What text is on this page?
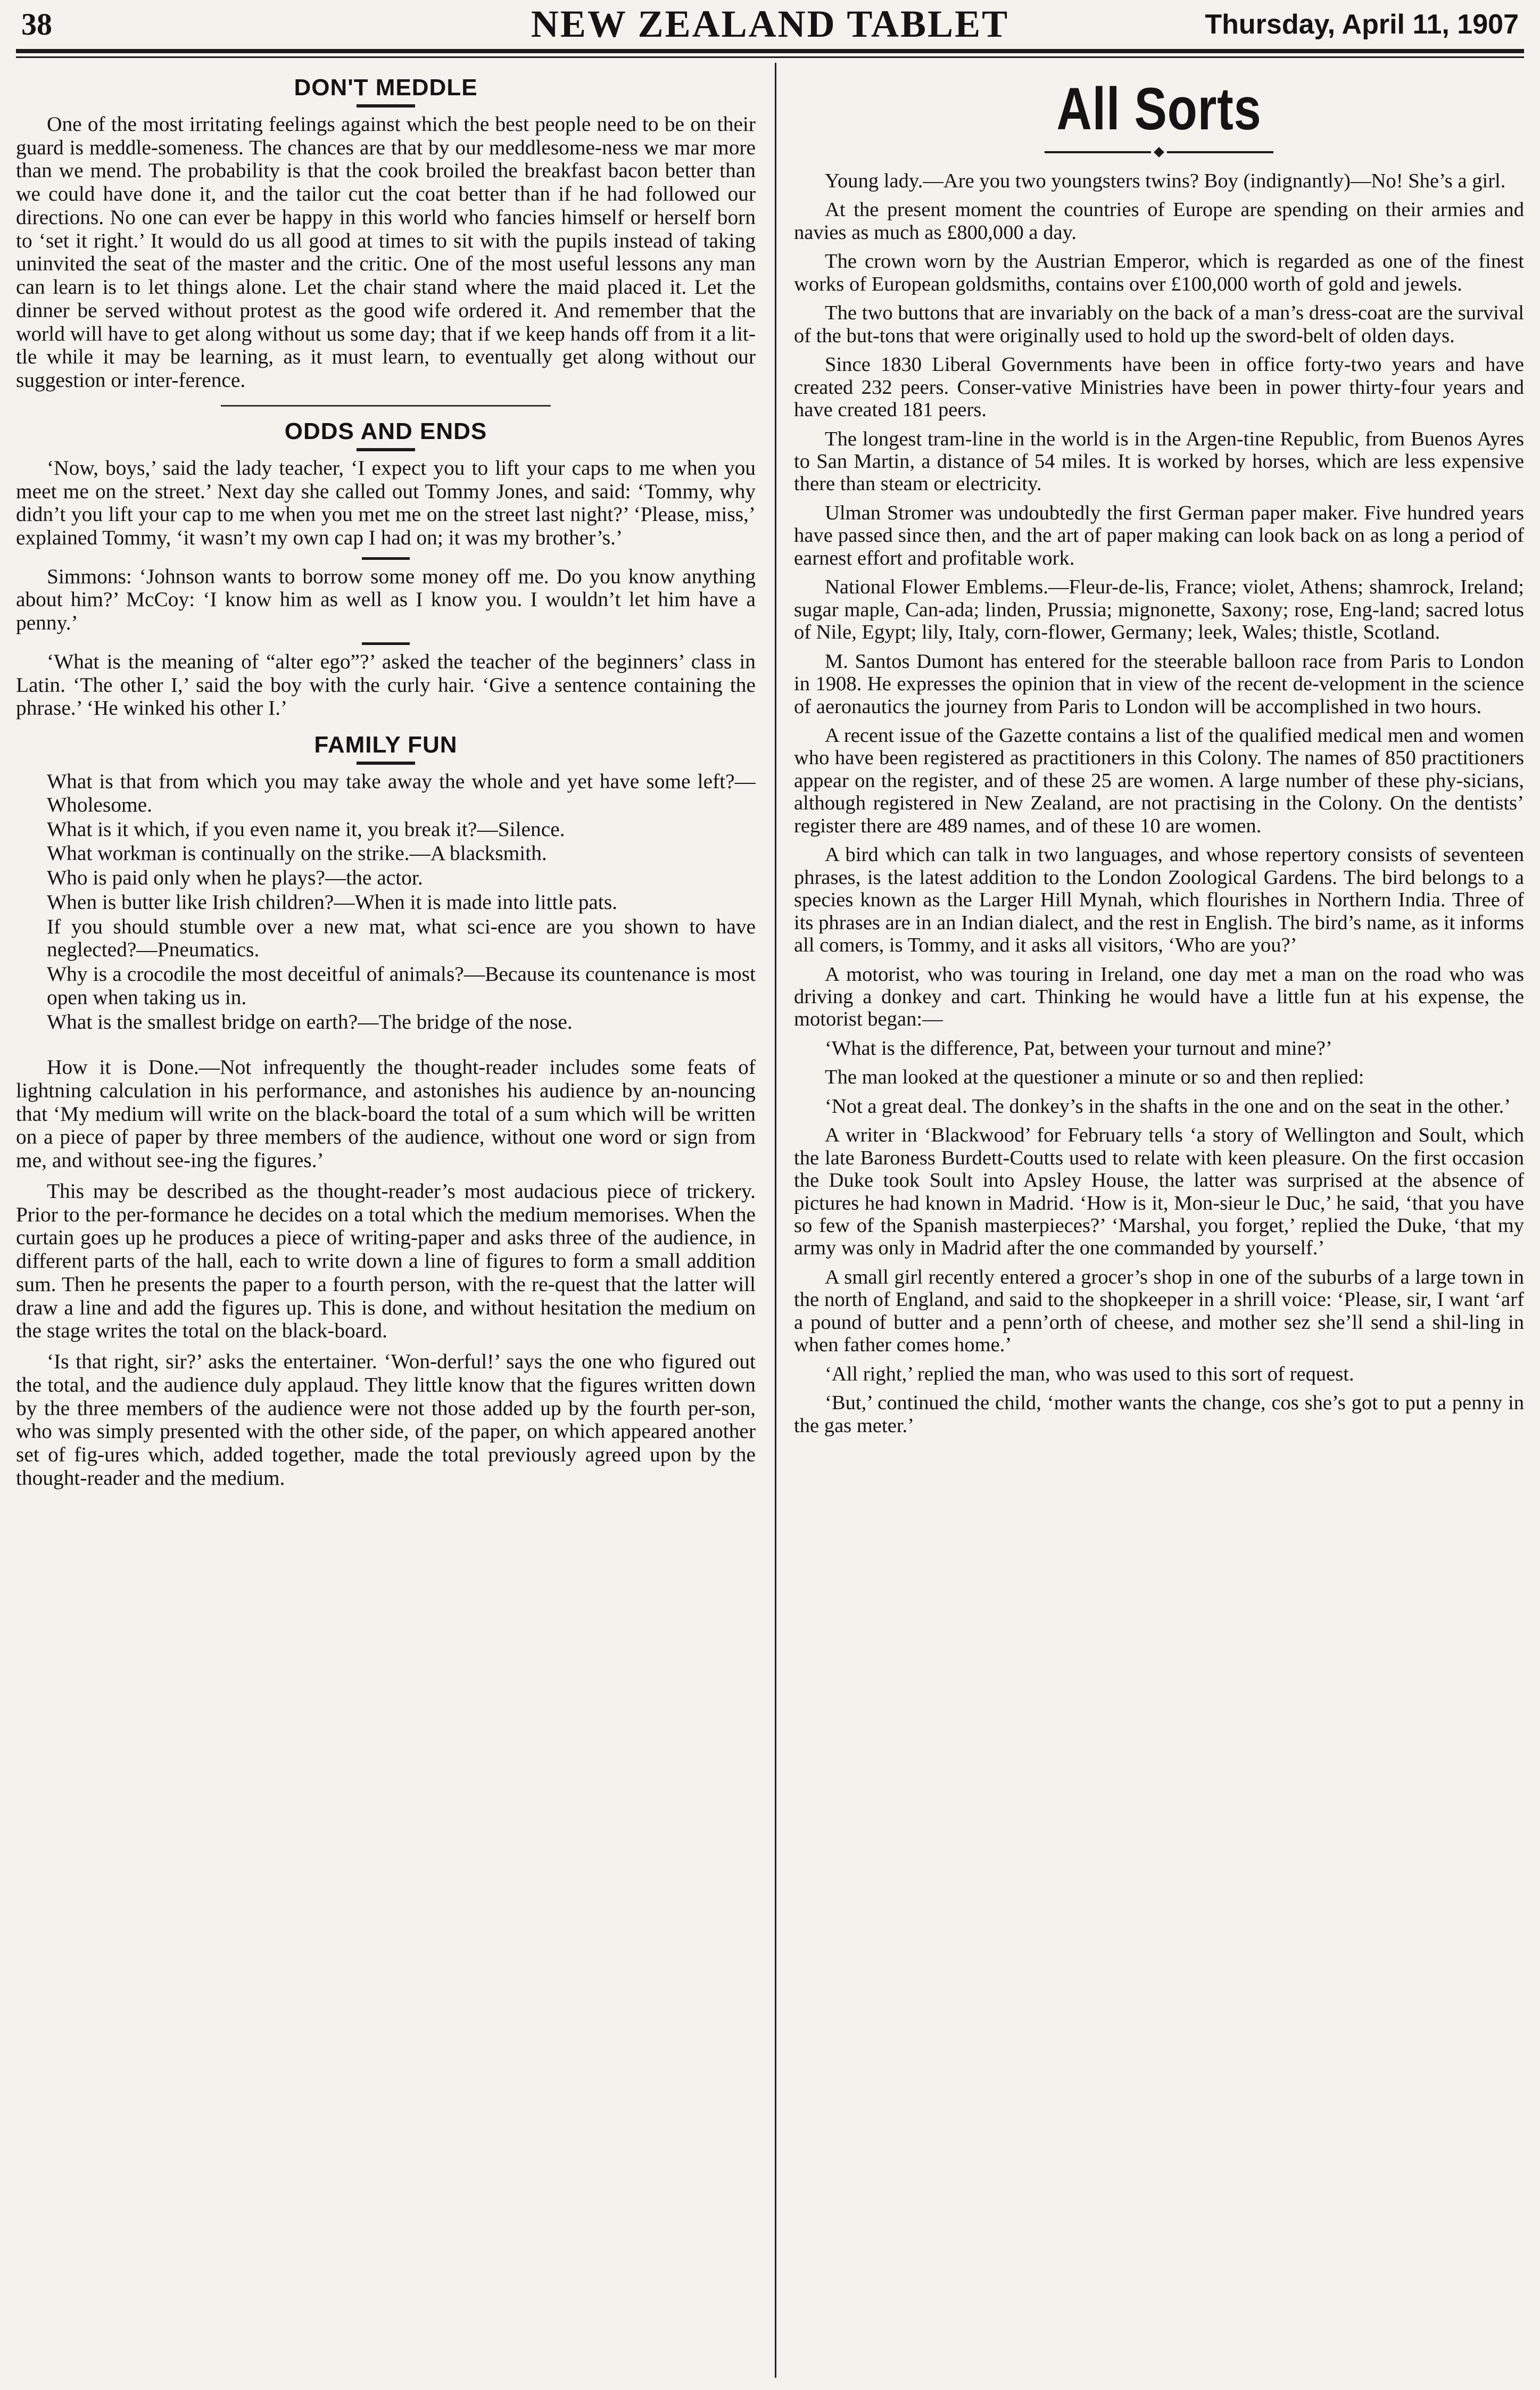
38	NEW ZEALAND TABLET	Thursday, April 11, 1907
DON'T MEDDLE

One of the most irritating feelings against which the best people need to be on their guard is meddle-someness. The chances are that by our meddlesome-ness we mar more than we mend. The probability is that the cook broiled the breakfast bacon better than we could have done it, and the tailor cut the coat better than if he had followed our directions. No one can ever be happy in this world who fancies himself or herself born to ‘set it right.’ It would do us all good at times to sit with the pupils instead of taking uninvited the seat of the master and the critic. One of the most useful lessons any man can learn is to let things alone. Let the chair stand where the maid placed it. Let the dinner be served without protest as the good wife ordered it. And remember that the world will have to get along without us some day; that if we keep hands off from it a lit-tle while it may be learning, as it must learn, to eventually get along without our suggestion or inter-ference.

ODDS AND ENDS

‘Now, boys,’ said the lady teacher, ‘I expect you to lift your caps to me when you meet me on the street.’ Next day she called out Tommy Jones, and said: ‘Tommy, why didn’t you lift your cap to me when you met me on the street last night?’ ‘Please, miss,’ explained Tommy, ‘it wasn’t my own cap I had on; it was my brother’s.’

Simmons: ‘Johnson wants to borrow some money off me. Do you know anything about him?’ McCoy: ‘I know him as well as I know you. I wouldn’t let him have a penny.’

‘What is the meaning of “alter ego”?’ asked the teacher of the beginners’ class in Latin. ‘The other I,’ said the boy with the curly hair. ‘Give a sentence containing the phrase.’ ‘He winked his other I.’

FAMILY FUN

What is that from which you may take away the whole and yet have some left?—Wholesome.

What is it which, if you even name it, you break it?—Silence.

What workman is continually on the strike.—A blacksmith.

Who is paid only when he plays?—the actor.

When is butter like Irish children?—When it is made into little pats.

If you should stumble over a new mat, what sci-ence are you shown to have neglected?—Pneumatics.

Why is a crocodile the most deceitful of animals?—Because its countenance is most open when taking us in.

What is the smallest bridge on earth?—The bridge of the nose.

How it is Done.—Not infrequently the thought-reader includes some feats of lightning calculation in his performance, and astonishes his audience by an-nouncing that ‘My medium will write on the black-board the total of a sum which will be written on a piece of paper by three members of the audience, without one word or sign from me, and without see-ing the figures.’

This may be described as the thought-reader’s most audacious piece of trickery. Prior to the per-formance he decides on a total which the medium memorises. When the curtain goes up he produces a piece of writing-paper and asks three of the audience, in different parts of the hall, each to write down a line of figures to form a small addition sum. Then he presents the paper to a fourth person, with the re-quest that the latter will draw a line and add the figures up. This is done, and without hesitation the medium on the stage writes the total on the black-board.

‘Is that right, sir?’ asks the entertainer. ‘Won-derful!’ says the one who figured out the total, and the audience duly applaud. They little know that the figures written down by the three members of the audience were not those added up by the fourth per-son, who was simply presented with the other side, of the paper, on which appeared another set of fig-ures which, added together, made the total previously agreed upon by the thought-reader and the medium.

All Sorts

Young lady.—Are you two youngsters twins? Boy (indignantly)—No! She’s a girl.

At the present moment the countries of Europe are spending on their armies and navies as much as £800,000 a day.

The crown worn by the Austrian Emperor, which is regarded as one of the finest works of European goldsmiths, contains over £100,000 worth of gold and jewels.

The two buttons that are invariably on the back of a man’s dress-coat are the survival of the but-tons that were originally used to hold up the sword-belt of olden days.

Since 1830 Liberal Governments have been in office forty-two years and have created 232 peers. Conser-vative Ministries have been in power thirty-four years and have created 181 peers.

The longest tram-line in the world is in the Argen-tine Republic, from Buenos Ayres to San Martin, a distance of 54 miles. It is worked by horses, which are less expensive there than steam or electricity.

Ulman Stromer was undoubtedly the first German paper maker. Five hundred years have passed since then, and the art of paper making can look back on as long a period of earnest effort and profitable work.

National Flower Emblems.—Fleur-de-lis, France; violet, Athens; shamrock, Ireland; sugar maple, Can-ada; linden, Prussia; mignonette, Saxony; rose, Eng-land; sacred lotus of Nile, Egypt; lily, Italy, corn-flower, Germany; leek, Wales; thistle, Scotland.

M. Santos Dumont has entered for the steerable balloon race from Paris to London in 1908. He expresses the opinion that in view of the recent de-velopment in the science of aeronautics the journey from Paris to London will be accomplished in two hours.

A recent issue of the Gazette contains a list of the qualified medical men and women who have been registered as practitioners in this Colony. The names of 850 practitioners appear on the register, and of these 25 are women. A large number of these phy-sicians, although registered in New Zealand, are not practising in the Colony. On the dentists’ register there are 489 names, and of these 10 are women.

A bird which can talk in two languages, and whose repertory consists of seventeen phrases, is the latest addition to the London Zoological Gardens. The bird belongs to a species known as the Larger Hill Mynah, which flourishes in Northern India. Three of its phrases are in an Indian dialect, and the rest in English. The bird’s name, as it informs all comers, is Tommy, and it asks all visitors, ‘Who are you?’

A motorist, who was touring in Ireland, one day met a man on the road who was driving a donkey and cart. Thinking he would have a little fun at his expense, the motorist began:—

‘What is the difference, Pat, between your turnout and mine?’

The man looked at the questioner a minute or so and then replied:

‘Not a great deal. The donkey’s in the shafts in the one and on the seat in the other.’

A writer in ‘Blackwood’ for February tells ‘a story of Wellington and Soult, which the late Baroness Burdett-Coutts used to relate with keen pleasure. On the first occasion the Duke took Soult into Apsley House, the latter was surprised at the absence of pictures he had known in Madrid. ‘How is it, Mon-sieur le Duc,’ he said, ‘that you have so few of the Spanish masterpieces?’ ‘Marshal, you forget,’ replied the Duke, ‘that my army was only in Madrid after the one commanded by yourself.’

A small girl recently entered a grocer’s shop in one of the suburbs of a large town in the north of England, and said to the shopkeeper in a shrill voice: ‘Please, sir, I want ‘arf a pound of butter and a penn’orth of cheese, and mother sez she’ll send a shil-ling in when father comes home.’

‘All right,’ replied the man, who was used to this sort of request.

‘But,’ continued the child, ‘mother wants the change, cos she’s got to put a penny in the gas meter.’
